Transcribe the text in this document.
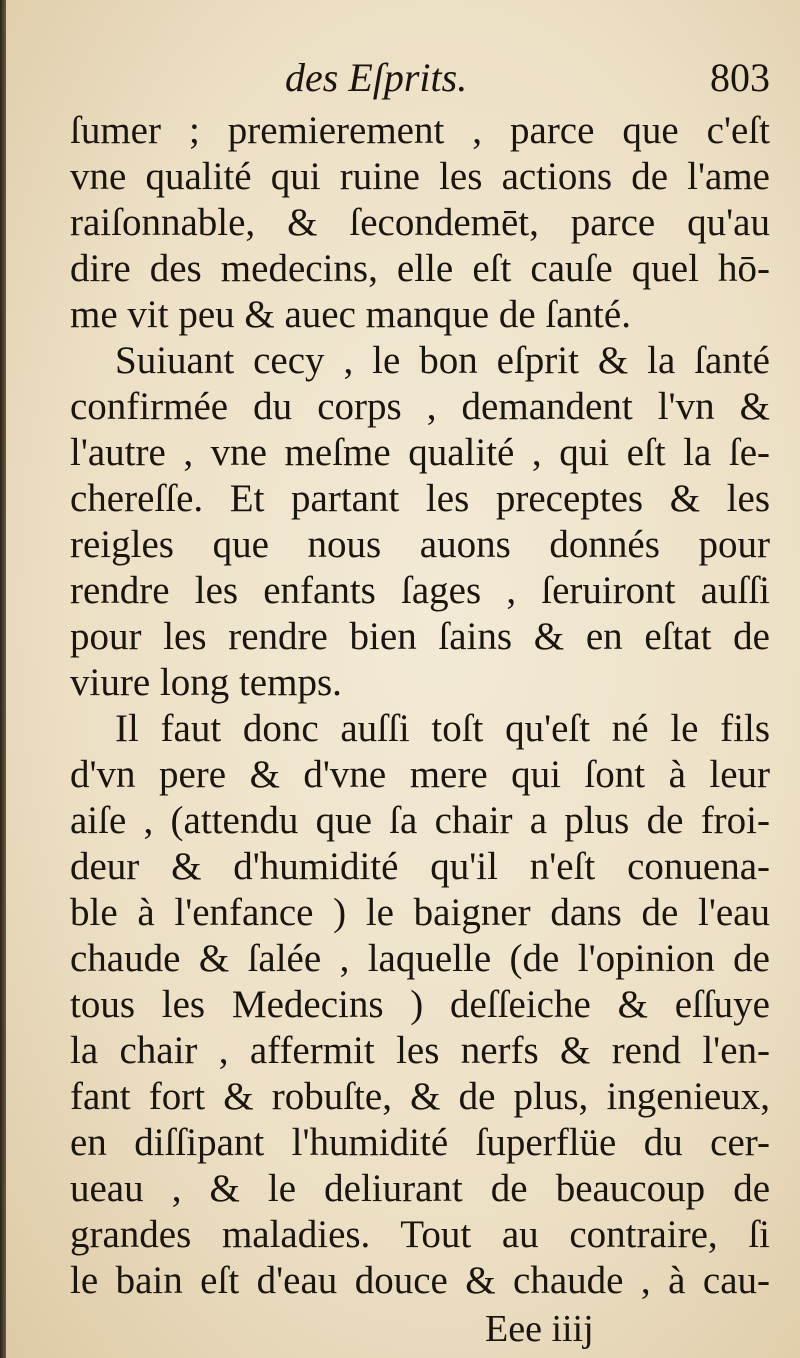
des Eſprits.	803
ſumer ; premierement , parce que c'eſt
vne qualité qui ruine les actions de l'ame
raiſonnable, & ſecondemēt, parce qu'au
dire des medecins, elle eſt cauſe quel hō-
me vit peu & auec manque de ſanté.
Suiuant cecy , le bon eſprit & la ſanté
confirmée du corps , demandent l'vn &
l'autre , vne meſme qualité , qui eſt la ſe-
chereſſe. Et partant les preceptes & les
reigles que nous auons donnés pour
rendre les enfants ſages , ſeruiront auſſi
pour les rendre bien ſains & en eſtat de
viure long temps.
Il faut donc auſſi toſt qu'eſt né le fils
d'vn pere & d'vne mere qui ſont à leur
aiſe , (attendu que ſa chair a plus de froi-
deur & d'humidité qu'il n'eſt conuena-
ble à l'enfance ) le baigner dans de l'eau
chaude & ſalée , laquelle (de l'opinion de
tous les Medecins ) deſſeiche & eſſuye
la chair , affermit les nerfs & rend l'en-
fant fort & robuſte, & de plus, ingenieux,
en diſſipant l'humidité ſuperflüe du cer-
ueau , & le deliurant de beaucoup de
grandes maladies. Tout au contraire, ſi
le bain eſt d'eau douce & chaude , à cau-
Eee iiij
